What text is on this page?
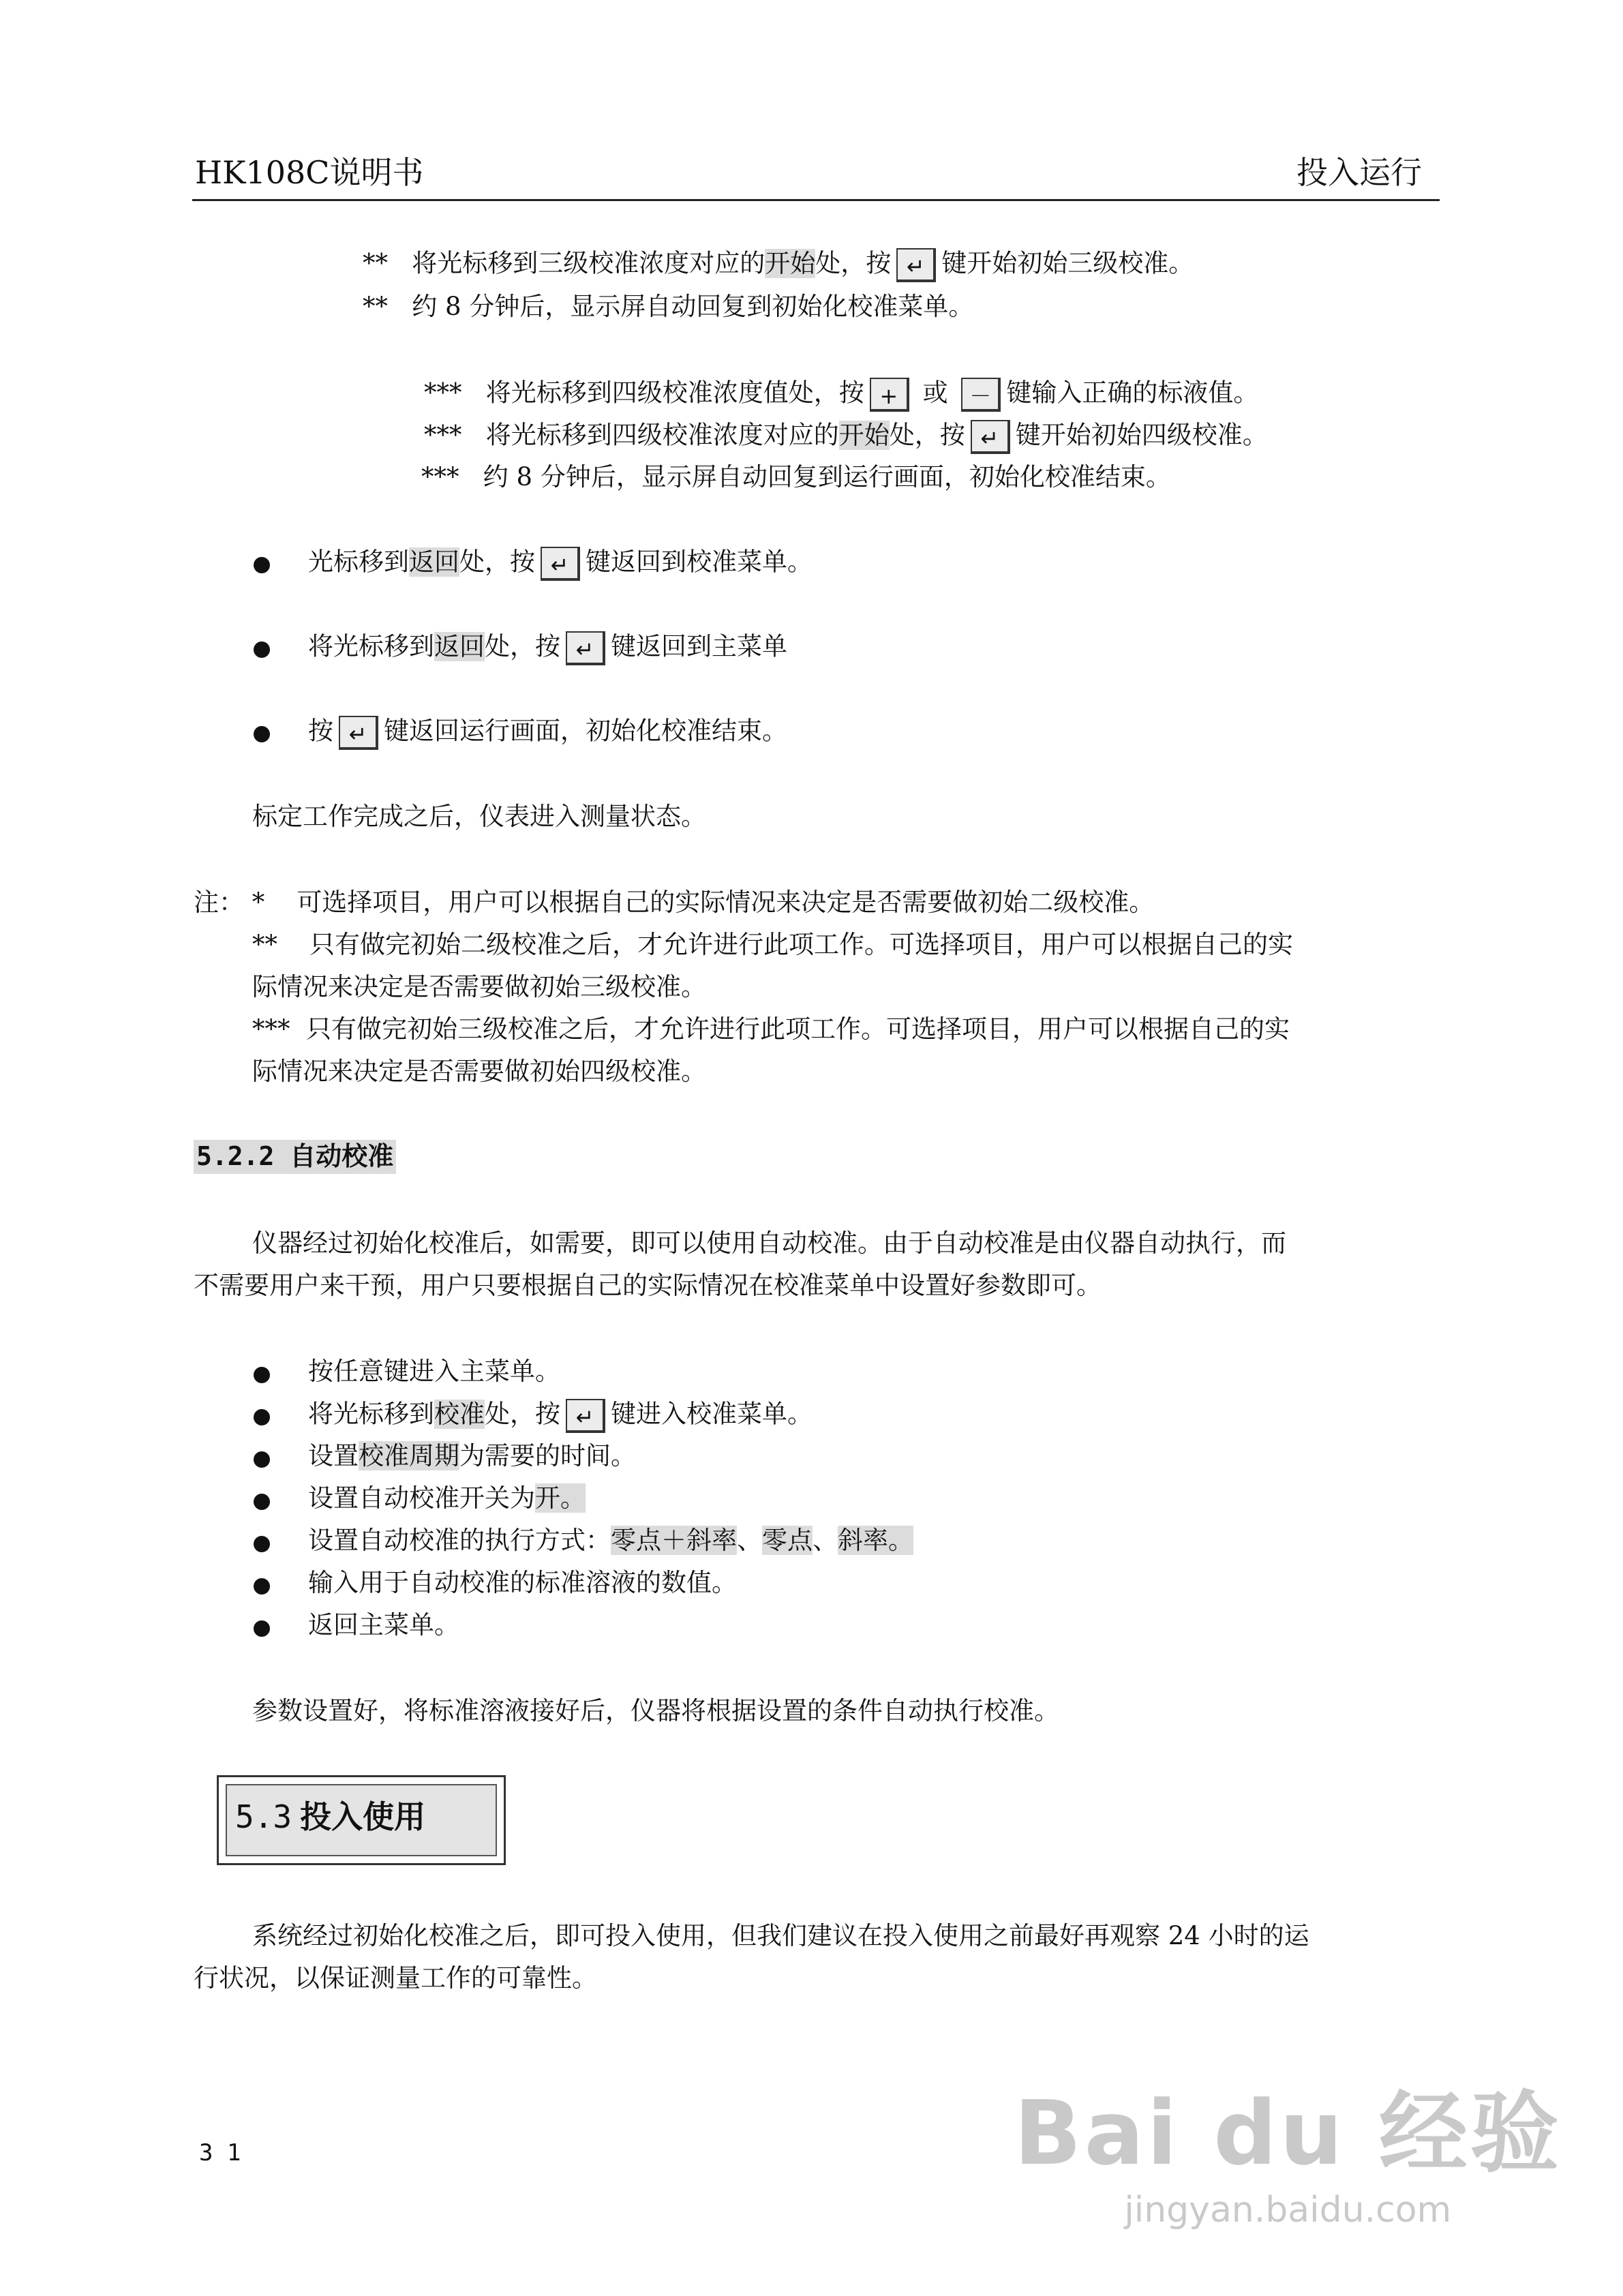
HK108C说明书	投入运行
** 将光标移到三级校准浓度对应的开始处，按 ↵ 键开始初始三级校准。
** 约 8 分钟后，显示屏自动回复到初始化校准菜单。
*** 将光标移到四级校准浓度值处，按 + 或 － 键输入正确的标液值。
*** 将光标移到四级校准浓度对应的开始处，按 ↵ 键开始初始四级校准。
*** 约 8 分钟后，显示屏自动回复到运行画面，初始化校准结束。
光标移到返回处，按 ↵ 键返回到校准菜单。
将光标移到返回处，按 ↵ 键返回到主菜单
按 ↵ 键返回运行画面，初始化校准结束。
标定工作完成之后，仪表进入测量状态。
注： * 可选择项目，用户可以根据自己的实际情况来决定是否需要做初始二级校准。
** 只有做完初始二级校准之后，才允许进行此项工作。可选择项目，用户可以根据自己的实
际情况来决定是否需要做初始三级校准。
*** 只有做完初始三级校准之后，才允许进行此项工作。可选择项目，用户可以根据自己的实
际情况来决定是否需要做初始四级校准。
5.2.2 自动校准
仪器经过初始化校准后，如需要，即可以使用自动校准。由于自动校准是由仪器自动执行，而
不需要用户来干预，用户只要根据自己的实际情况在校准菜单中设置好参数即可。
按任意键进入主菜单。
将光标移到校准处，按 ↵ 键进入校准菜单。
设置校准周期为需要的时间。
设置自动校准开关为开。
设置自动校准的执行方式：零点＋斜率、零点、斜率。
输入用于自动校准的标准溶液的数值。
返回主菜单。
参数设置好，将标准溶液接好后，仪器将根据设置的条件自动执行校准。
5.3 投入使用
系统经过初始化校准之后，即可投入使用，但我们建议在投入使用之前最好再观察 24 小时的运
行状况，以保证测量工作的可靠性。
3 1	Bai du 经验
jingyan.baidu.com
